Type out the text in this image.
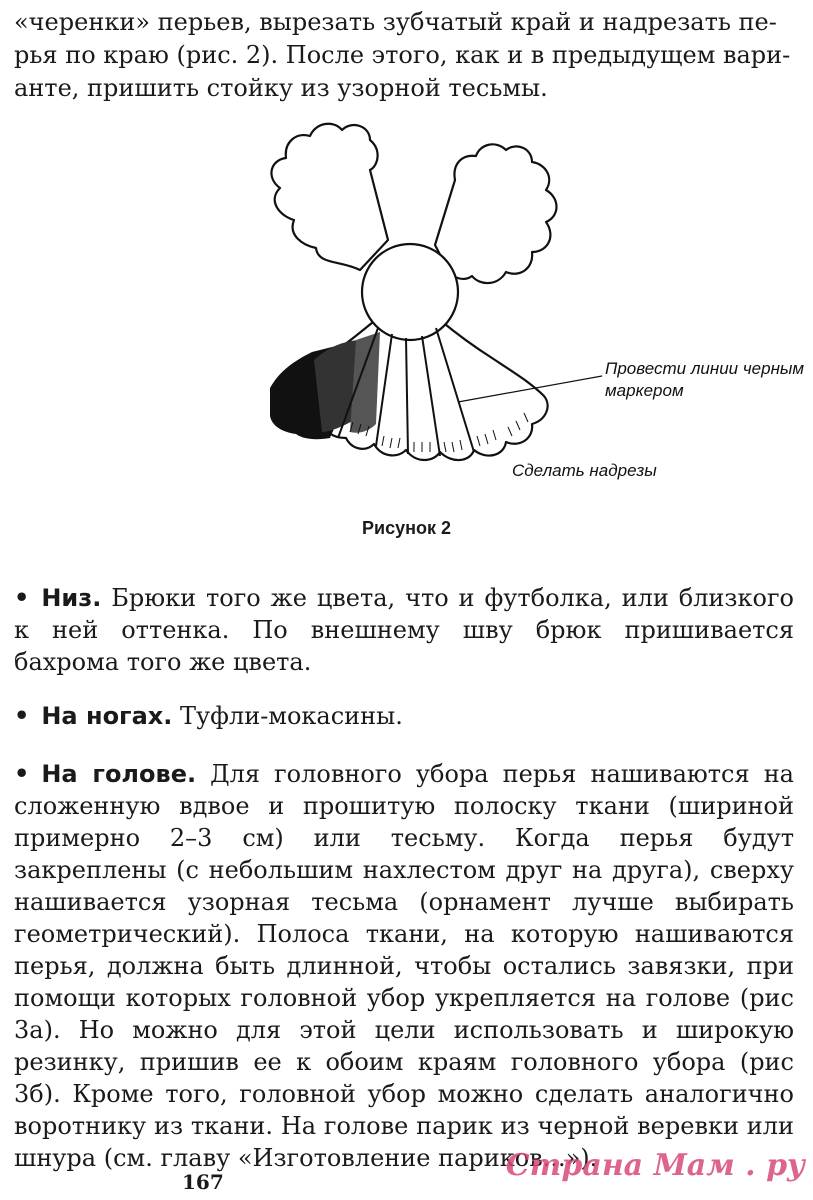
«черенки» перьев, вырезать зубчатый край и надрезать пе-

рья по краю (рис. 2). После этого, как и в предыдущем вари-

анте, пришить стойку из узорной тесьмы.

Провести линии черным маркером
Сделать надрезы
Рисунок 2
• Низ. Брюки того же цвета, что и футболка, или близкого к ней оттенка. По внешнему шву брюк пришивается бахрома того же цвета.
• На ногах. Туфли-мокасины.
• На голове. Для головного убора перья нашиваются на сложенную вдвое и прошитую полоску ткани (шириной примерно 2–3 см) или тесьму. Когда перья будут закреплены (с небольшим нахлестом друг на друга), сверху нашивается узорная тесьма (орнамент лучше выбирать геометрический). Полоса ткани, на которую нашиваются перья, должна быть длинной, чтобы остались завязки, при помощи которых головной убор укрепляется на голове (рис 3а). Но можно для этой цели использовать и широкую резинку, пришив ее к обоим краям головного убора (рис 3б). Кроме того, головной убор можно сделать аналогично воротнику из ткани. На голове парик из черной веревки или шнура (см. главу «Изготовление париков...»).
167	Страна Мам . ру
